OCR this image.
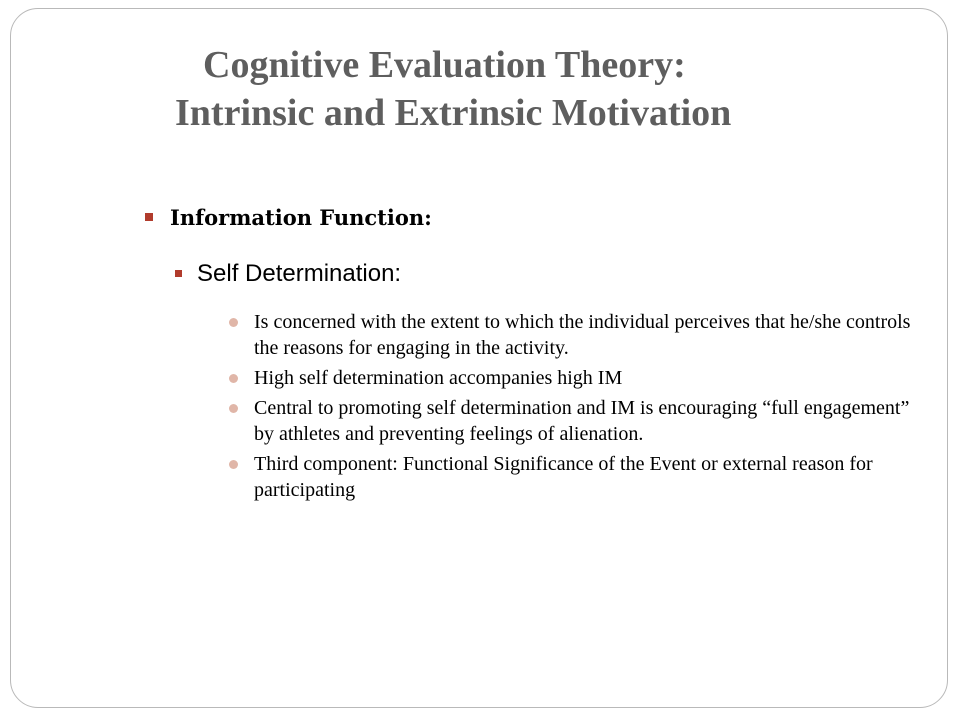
Cognitive Evaluation Theory:
Intrinsic and Extrinsic Motivation
Information Function:
Self Determination:
Is concerned with the extent to which the individual perceives that he/she controls the reasons for engaging in the activity.
High self determination accompanies high IM
Central to promoting self determination and IM is encouraging “full engagement” by athletes and preventing feelings of alienation.
Third component: Functional Significance of the Event or external reason for participating
